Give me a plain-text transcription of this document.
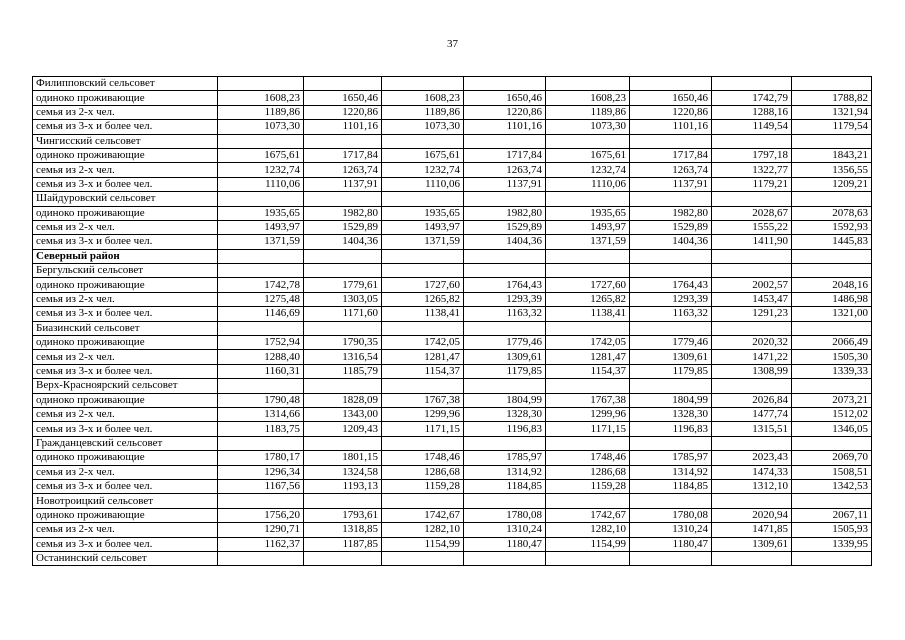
37
Филипповский сельсовет								
одиноко проживающие	1608,23	1650,46	1608,23	1650,46	1608,23	1650,46	1742,79	1788,82
семья из 2-х чел.	1189,86	1220,86	1189,86	1220,86	1189,86	1220,86	1288,16	1321,94
семья из 3-х и более чел.	1073,30	1101,16	1073,30	1101,16	1073,30	1101,16	1149,54	1179,54
Чингисский сельсовет								
одиноко проживающие	1675,61	1717,84	1675,61	1717,84	1675,61	1717,84	1797,18	1843,21
семья из 2-х чел.	1232,74	1263,74	1232,74	1263,74	1232,74	1263,74	1322,77	1356,55
семья из 3-х и более чел.	1110,06	1137,91	1110,06	1137,91	1110,06	1137,91	1179,21	1209,21
Шайдуровский сельсовет								
одиноко проживающие	1935,65	1982,80	1935,65	1982,80	1935,65	1982,80	2028,67	2078,63
семья из 2-х чел.	1493,97	1529,89	1493,97	1529,89	1493,97	1529,89	1555,22	1592,93
семья из 3-х и более чел.	1371,59	1404,36	1371,59	1404,36	1371,59	1404,36	1411,90	1445,83
Северный район								
Бергульский сельсовет								
одиноко проживающие	1742,78	1779,61	1727,60	1764,43	1727,60	1764,43	2002,57	2048,16
семья из 2-х чел.	1275,48	1303,05	1265,82	1293,39	1265,82	1293,39	1453,47	1486,98
семья из 3-х и более чел.	1146,69	1171,60	1138,41	1163,32	1138,41	1163,32	1291,23	1321,00
Биазинский сельсовет								
одиноко проживающие	1752,94	1790,35	1742,05	1779,46	1742,05	1779,46	2020,32	2066,49
семья из 2-х чел.	1288,40	1316,54	1281,47	1309,61	1281,47	1309,61	1471,22	1505,30
семья из 3-х и более чел.	1160,31	1185,79	1154,37	1179,85	1154,37	1179,85	1308,99	1339,33
Верх-Красноярский сельсовет								
одиноко проживающие	1790,48	1828,09	1767,38	1804,99	1767,38	1804,99	2026,84	2073,21
семья из 2-х чел.	1314,66	1343,00	1299,96	1328,30	1299,96	1328,30	1477,74	1512,02
семья из 3-х и более чел.	1183,75	1209,43	1171,15	1196,83	1171,15	1196,83	1315,51	1346,05
Гражданцевский сельсовет								
одиноко проживающие	1780,17	1801,15	1748,46	1785,97	1748,46	1785,97	2023,43	2069,70
семья из 2-х чел.	1296,34	1324,58	1286,68	1314,92	1286,68	1314,92	1474,33	1508,51
семья из 3-х и более чел.	1167,56	1193,13	1159,28	1184,85	1159,28	1184,85	1312,10	1342,53
Новотроицкий сельсовет								
одиноко проживающие	1756,20	1793,61	1742,67	1780,08	1742,67	1780,08	2020,94	2067,11
семья из 2-х чел.	1290,71	1318,85	1282,10	1310,24	1282,10	1310,24	1471,85	1505,93
семья из 3-х и более чел.	1162,37	1187,85	1154,99	1180,47	1154,99	1180,47	1309,61	1339,95
Останинский сельсовет								
